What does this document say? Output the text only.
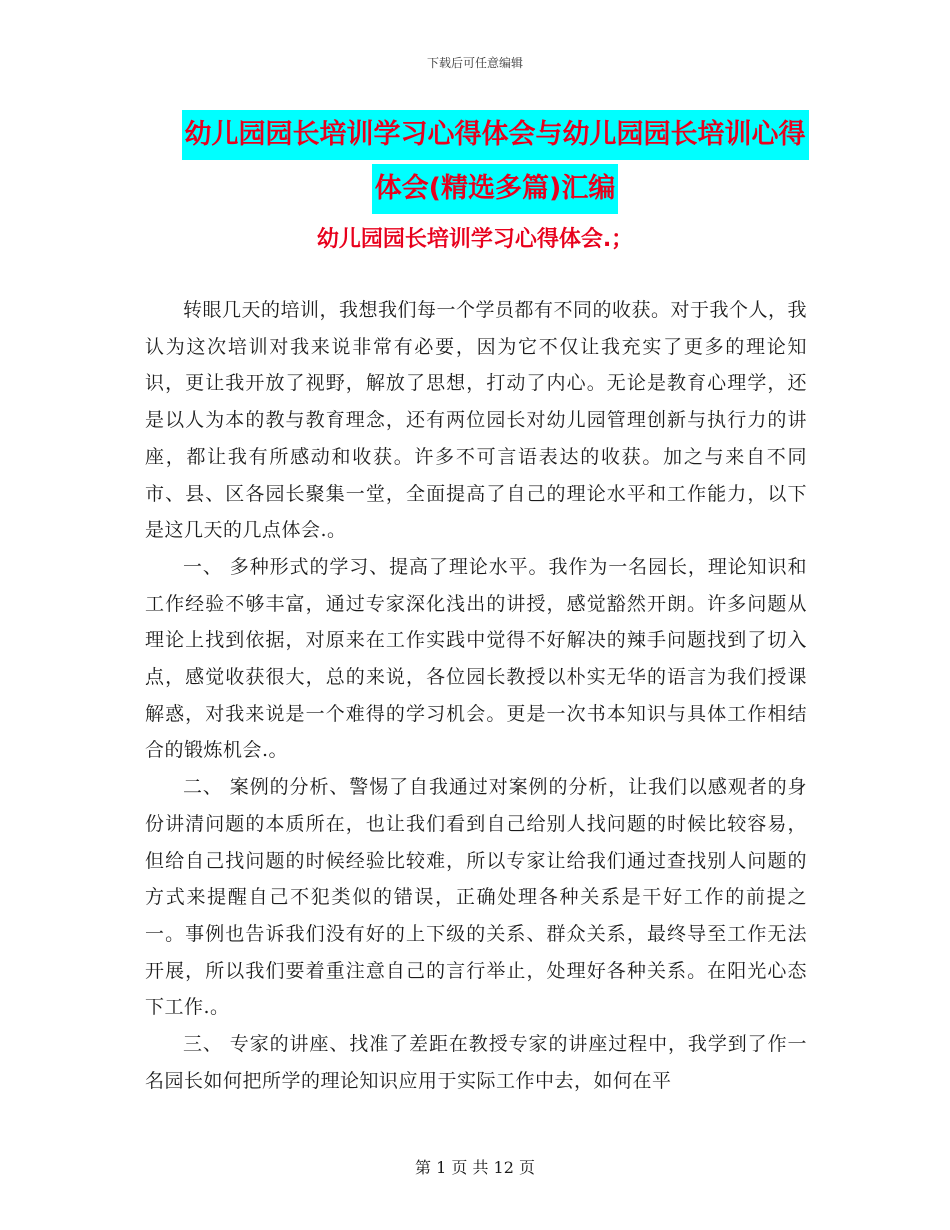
下载后可任意编辑
幼儿园园长培训学习心得体会与幼儿园园长培训心得
体会(精选多篇)汇编
幼儿园园长培训学习心得体会.；

转眼几天的培训，我想我们每一个学员都有不同的收获。对于我个人，我认为这次培训对我来说非常有必要，因为它不仅让我充实了更多的理论知识，更让我开放了视野，解放了思想，打动了内心。无论是教育心理学，还是以人为本的教与教育理念，还有两位园长对幼儿园管理创新与执行力的讲座，都让我有所感动和收获。许多不可言语表达的收获。加之与来自不同市、县、区各园长聚集一堂，全面提高了自己的理论水平和工作能力，以下是这几天的几点体会.。

一、 多种形式的学习、提高了理论水平。我作为一名园长，理论知识和工作经验不够丰富，通过专家深化浅出的讲授，感觉豁然开朗。许多问题从理论上找到依据，对原来在工作实践中觉得不好解决的辣手问题找到了切入点，感觉收获很大，总的来说，各位园长教授以朴实无华的语言为我们授课解惑，对我来说是一个难得的学习机会。更是一次书本知识与具体工作相结合的锻炼机会.。

二、 案例的分析、警惕了自我通过对案例的分析，让我们以感观者的身份讲清问题的本质所在，也让我们看到自己给别人找问题的时候比较容易，但给自己找问题的时候经验比较难，所以专家让给我们通过查找别人问题的方式来提醒自己不犯类似的错误，正确处理各种关系是干好工作的前提之一。事例也告诉我们没有好的上下级的关系、群众关系，最终导至工作无法开展，所以我们要着重注意自己的言行举止，处理好各种关系。在阳光心态下工作.。

三、 专家的讲座、找准了差距在教授专家的讲座过程中，我学到了作一名园长如何把所学的理论知识应用于实际工作中去，如何在平

第 1 页 共 12 页
